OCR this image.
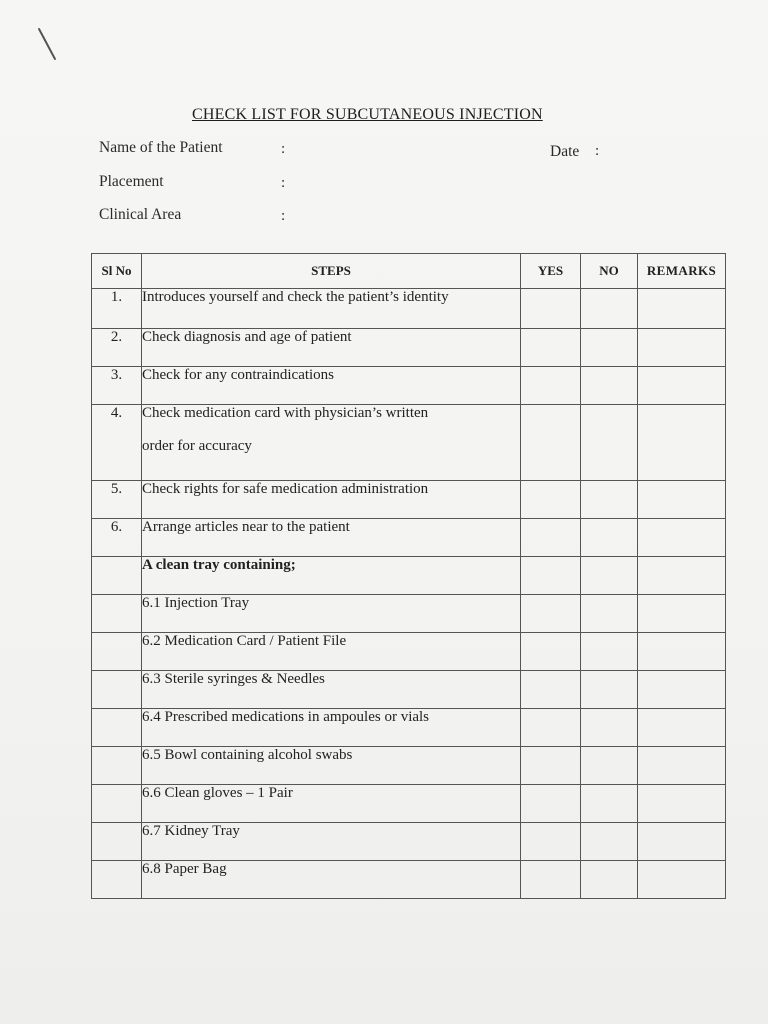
CHECK LIST FOR SUBCUTANEOUS INJECTION
Name of the Patient	:	Date :
Placement	:
Clinical Area	:
Sl No	STEPS	YES	NO	REMARKS
1.	Introduces yourself and check the patient’s identity			
2.	Check diagnosis and age of patient			
3.	Check for any contraindications			
4.	Check medication card with physician’s written
order for accuracy			

5.	Check rights for safe medication administration			
6.	Arrange articles near to the patient			
	A clean tray containing;			
	6.1 Injection Tray			
	6.2 Medication Card / Patient File			
	6.3 Sterile syringes & Needles			
	6.4 Prescribed medications in ampoules or vials			
	6.5 Bowl containing alcohol swabs			
	6.6 Clean gloves – 1 Pair			
	6.7 Kidney Tray			
	6.8 Paper Bag			
